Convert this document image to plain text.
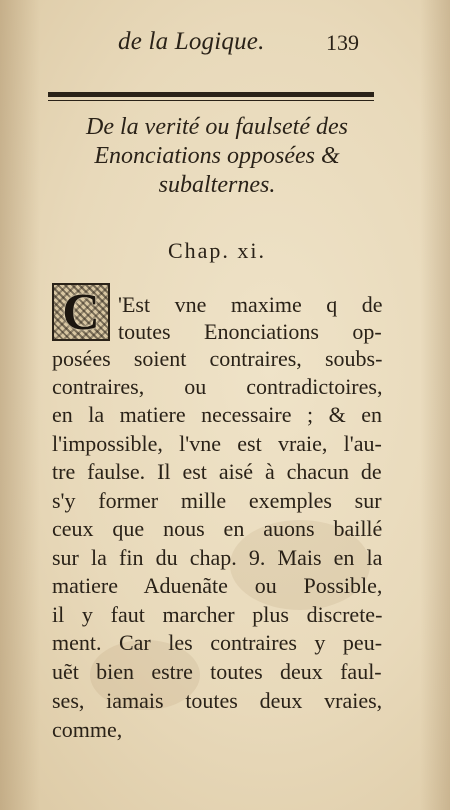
de la Logique.	139
De la verité ou faulseté des
Enonciations opposées &
subalternes.
Chap. xi.
C 'Est vne maxime q de
toutes Enonciations op-
posées soient contraires, soubs-
contraires, ou contradictoires,
en la matiere necessaire ; & en
l'impossible, l'vne est vraie, l'au-
tre faulse. Il est aisé à chacun de
s'y former mille exemples sur
ceux que nous en auons baillé
sur la fin du chap. 9. Mais en la
matiere Aduenãte ou Possible,
il y faut marcher plus discrete-
ment. Car les contraires y peu-
uẽt bien estre toutes deux faul-
ses, iamais toutes deux vraies,
comme,
